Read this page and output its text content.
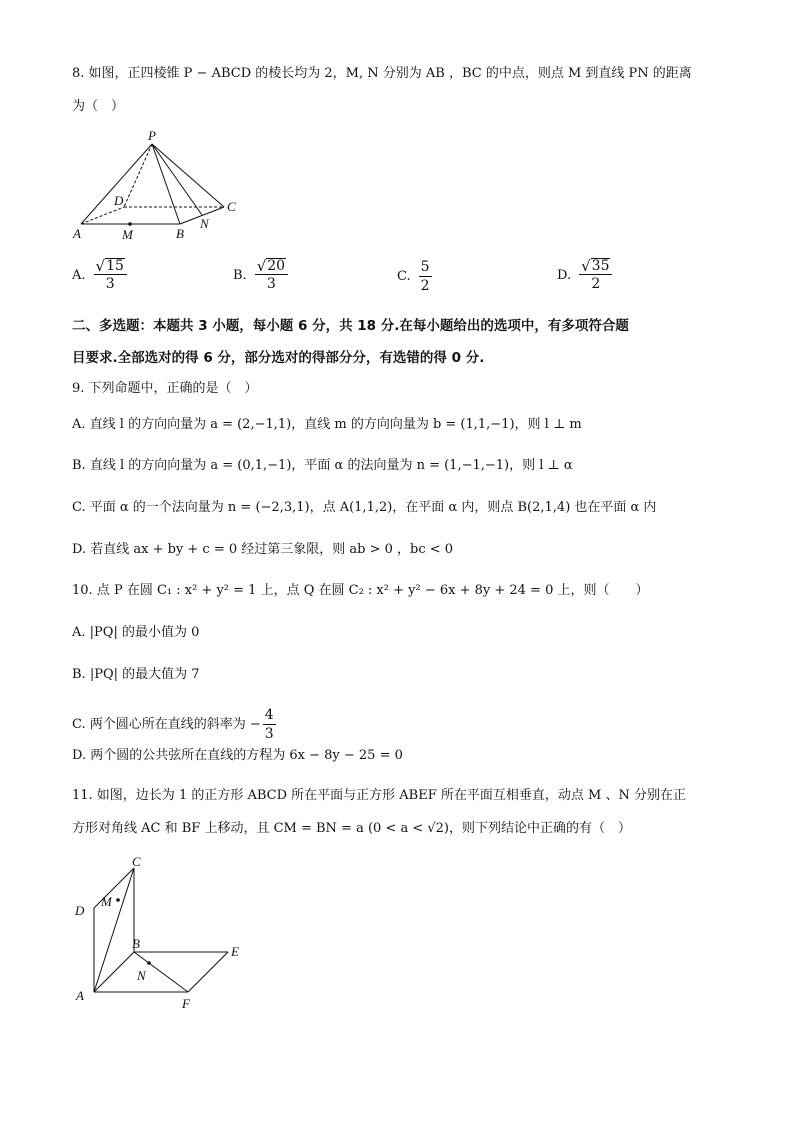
8. 如图，正四棱锥 P − ABCD 的棱长均为 2，M, N 分别为 AB ，BC 的中点，则点 M 到直线 PN 的距离
为（　）
P
D	C
A	M	B
N
A. $\frac{√ 15}{3}$	B. $\frac{√ 20}{3}$	C. $\frac{5}{2}$	D. $\frac{√ 35}{2}$
二、多选题：本题共 3 小题，每小题 6 分，共 18 分.在每小题给出的选项中，有多项符合题
目要求.全部选对的得 6 分，部分选对的得部分分，有选错的得 0 分.
9. 下列命题中，正确的是（　）
A. 直线 l 的方向向量为 a = (2,−1,1)，直线 m 的方向向量为 b = (1,1,−1)，则 l ⊥ m
B. 直线 l 的方向向量为 a = (0,1,−1)，平面 α 的法向量为 n = (1,−1,−1)，则 l ⊥ α
C. 平面 α 的一个法向量为 n = (−2,3,1)，点 A(1,1,2)，在平面 α 内，则点 B(2,1,4) 也在平面 α 内
D. 若直线 ax + by + c = 0 经过第三象限，则 ab > 0 ，bc < 0
10. 点 P 在圆 C₁ : x² + y² = 1 上，点 Q 在圆 C₂ : x² + y² − 6x + 8y + 24 = 0 上，则（　　）
A. |PQ| 的最小值为 0
B. |PQ| 的最大值为 7
C. 两个圆心所在直线的斜率为 − $\frac{4}{3}$
D. 两个圆的公共弦所在直线的方程为 6x − 8y − 25 = 0
11. 如图，边长为 1 的正方形 ABCD 所在平面与正方形 ABEF 所在平面互相垂直，动点 M 、N 分别在正
方形对角线 AC 和 BF 上移动，且 CM = BN = a (0 < a < √2)，则下列结论中正确的有（　）
C
D
M
B
E
N
A
F
